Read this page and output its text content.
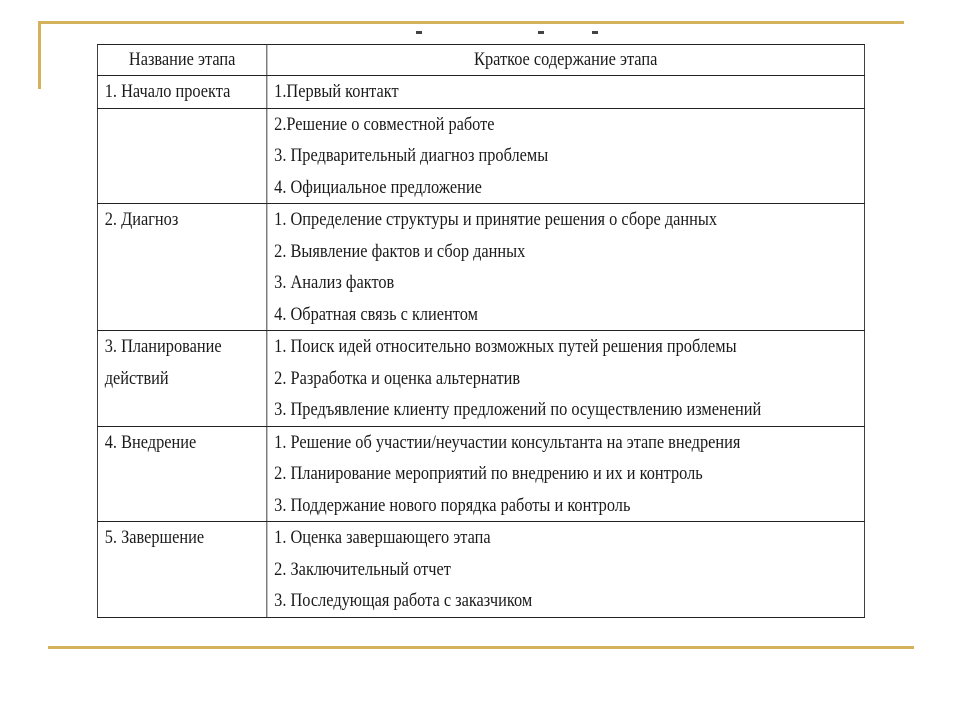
Название этапа	Краткое содержание этапа

1. Начало проекта	1.Первый контакт

	2.Решение о совместной работе
3. Предварительный диагноз проблемы
4. Официальное предложение

2. Диагноз	1. Определение структуры и принятие решения о сборе данных
2. Выявление фактов и сбор данных
3. Анализ фактов
4. Обратная связь с клиентом

3. Планирование
действий	1. Поиск идей относительно возможных путей решения проблемы
2. Разработка и оценка альтернатив
3. Предъявление клиенту предложений по осуществлению изменений

4. Внедрение	1. Решение об участии/неучастии консультанта на этапе внедрения
2. Планирование мероприятий по внедрению и их и контроль
3. Поддержание нового порядка работы и контроль

5. Завершение	1. Оценка завершающего этапа
2. Заключительный отчет
3. Последующая работа с заказчиком
